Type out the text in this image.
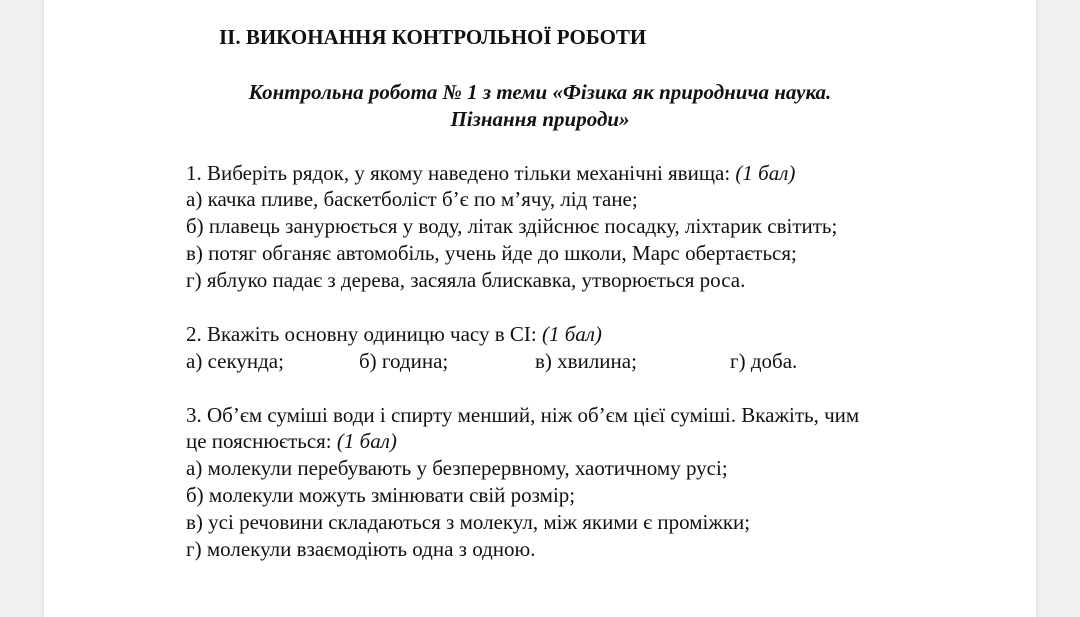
II. ВИКОНАННЯ КОНТРОЛЬНОЇ РОБОТИ
Контрольна робота № 1 з теми «Фізика як природнича наука.
Пізнання природи»
1. Виберіть рядок, у якому наведено тільки механічні явища: (1 бал)
а) качка пливе, баскетболіст б’є по м’ячу, лід тане;
б) плавець занурюється у воду, літак здійснює посадку, ліхтарик світить;
в) потяг обганяє автомобіль, учень йде до школи, Марс обертається;
г) яблуко падає з дерева, засяяла блискавка, утворюється роса.
2. Вкажіть основну одиницю часу в СІ: (1 бал)
а) секунда;	б) година;	в) хвилина;	г) доба.
3. Об’єм суміші води і спирту менший, ніж об’єм цієї суміші. Вкажіть, чим
це пояснюється: (1 бал)
а) молекули перебувають у безперервному, хаотичному русі;
б) молекули можуть змінювати свій розмір;
в) усі речовини складаються з молекул, між якими є проміжки;
г) молекули взаємодіють одна з одною.
